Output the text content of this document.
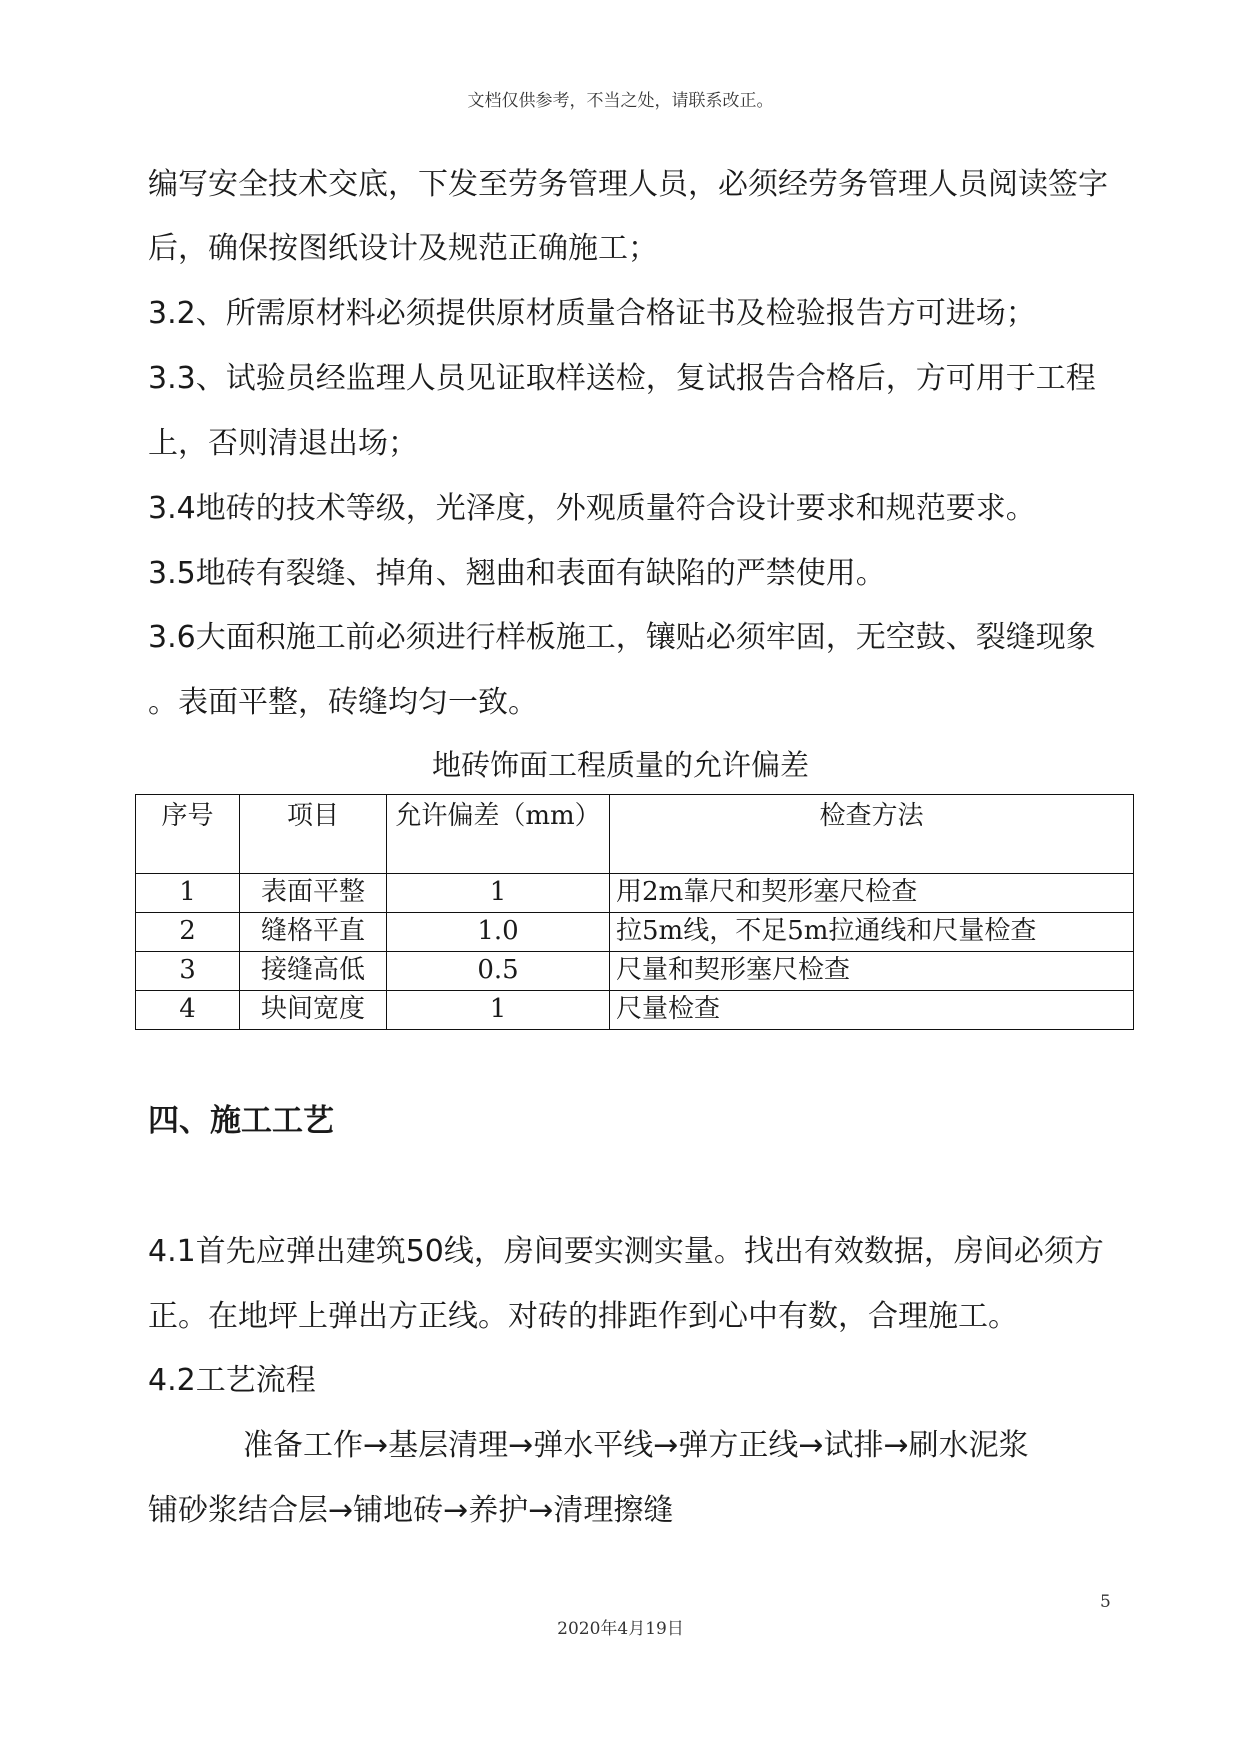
文档仅供参考，不当之处，请联系改正。
编写安全技术交底，下发至劳务管理人员，必须经劳务管理人员阅读签字
后，确保按图纸设计及规范正确施工；
3.2、所需原材料必须提供原材质量合格证书及检验报告方可进场；
3.3、试验员经监理人员见证取样送检，复试报告合格后，方可用于工程
上，否则清退出场；
3.4地砖的技术等级，光泽度，外观质量符合设计要求和规范要求。
3.5地砖有裂缝、掉角、翘曲和表面有缺陷的严禁使用。
3.6大面积施工前必须进行样板施工，镶贴必须牢固，无空鼓、裂缝现象
。表面平整，砖缝均匀一致。
地砖饰面工程质量的允许偏差
序号	项目	允许偏差（mm）	检查方法
1	表面平整	1	用2m靠尺和契形塞尺检查
2	缝格平直	1.0	拉5m线，不足5m拉通线和尺量检查
3	接缝高低	0.5	尺量和契形塞尺检查
4	块间宽度	1	尺量检查
四、施工工艺
4.1首先应弹出建筑50线，房间要实测实量。找出有效数据，房间必须方
正。在地坪上弹出方正线。对砖的排距作到心中有数，合理施工。
4.2工艺流程
准备工作→基层清理→弹水平线→弹方正线→试排→刷水泥浆
铺砂浆结合层→铺地砖→养护→清理擦缝
5
2020年4月19日
